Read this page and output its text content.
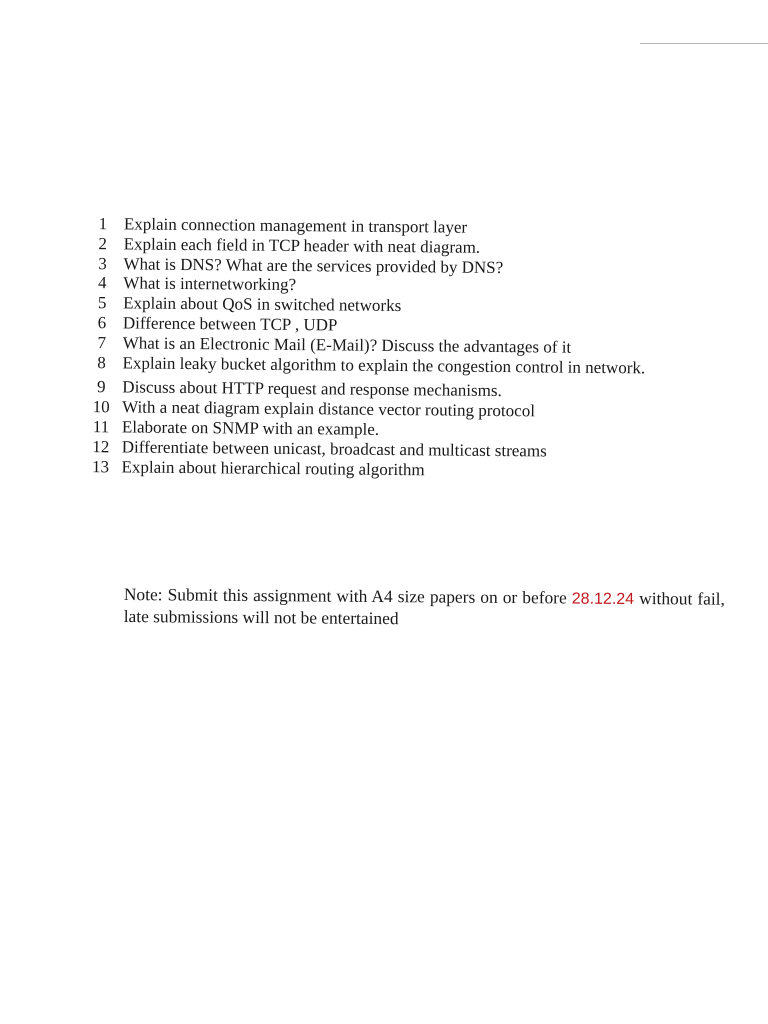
1 Explain connection management in transport layer
2 Explain each field in TCP header with neat diagram.
3 What is DNS? What are the services provided by DNS?
4 What is internetworking?
5 Explain about QoS in switched networks
6 Difference between TCP , UDP
7 What is an Electronic Mail (E-Mail)? Discuss the advantages of it
8 Explain leaky bucket algorithm to explain the congestion control in network.
9 Discuss about HTTP request and response mechanisms.
10 With a neat diagram explain distance vector routing protocol
11 Elaborate on SNMP with an example.
12 Differentiate between unicast, broadcast and multicast streams
13 Explain about hierarchical routing algorithm

Note: Submit this assignment with A4 size papers on or before 28.12.24 without fail, late submissions will not be entertained
